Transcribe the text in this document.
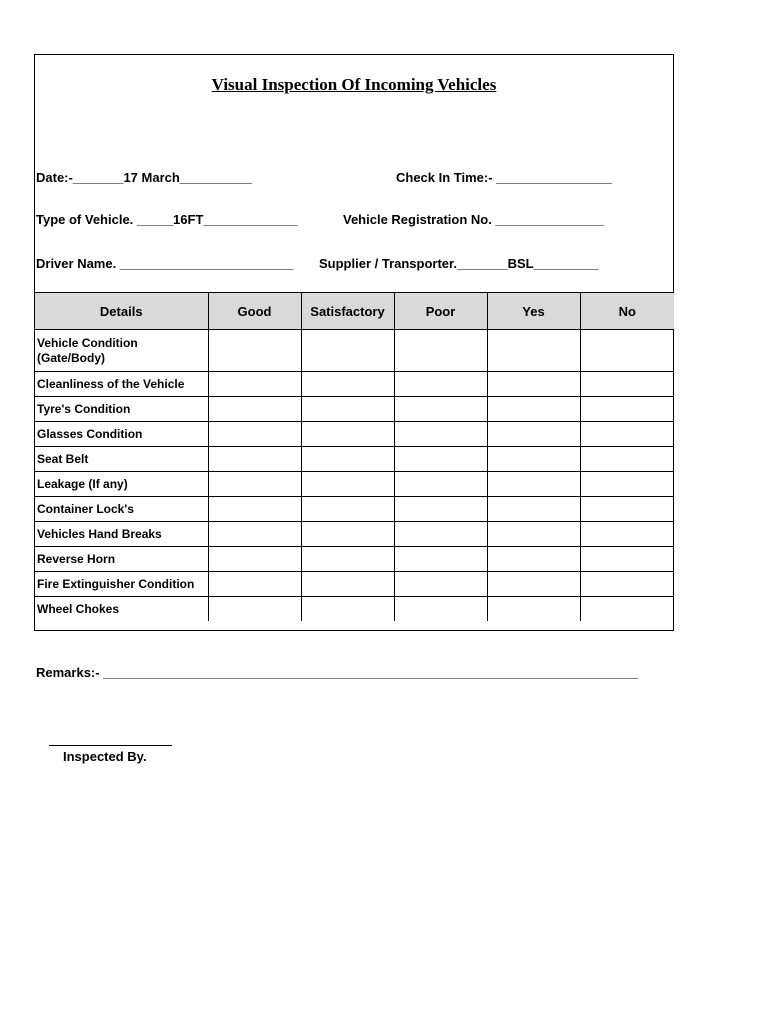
Visual Inspection Of Incoming Vehicles
Date:-_______17 March__________	Check In Time:- ________________
Type of Vehicle. _____16FT_____________	Vehicle Registration No. _______________
Driver Name. ________________________ Supplier / Transporter._______BSL_________
Details	Good	Satisfactory	Poor	Yes	No
Vehicle Condition (Gate/Body)					
Cleanliness of the Vehicle					
Tyre's Condition					
Glasses Condition					
Seat Belt					
Leakage (If any)					
Container Lock's					
Vehicles Hand Breaks					
Reverse Horn					
Fire Extinguisher Condition					
Wheel Chokes					
Remarks:- __________________________________________________________________________
Inspected By.
